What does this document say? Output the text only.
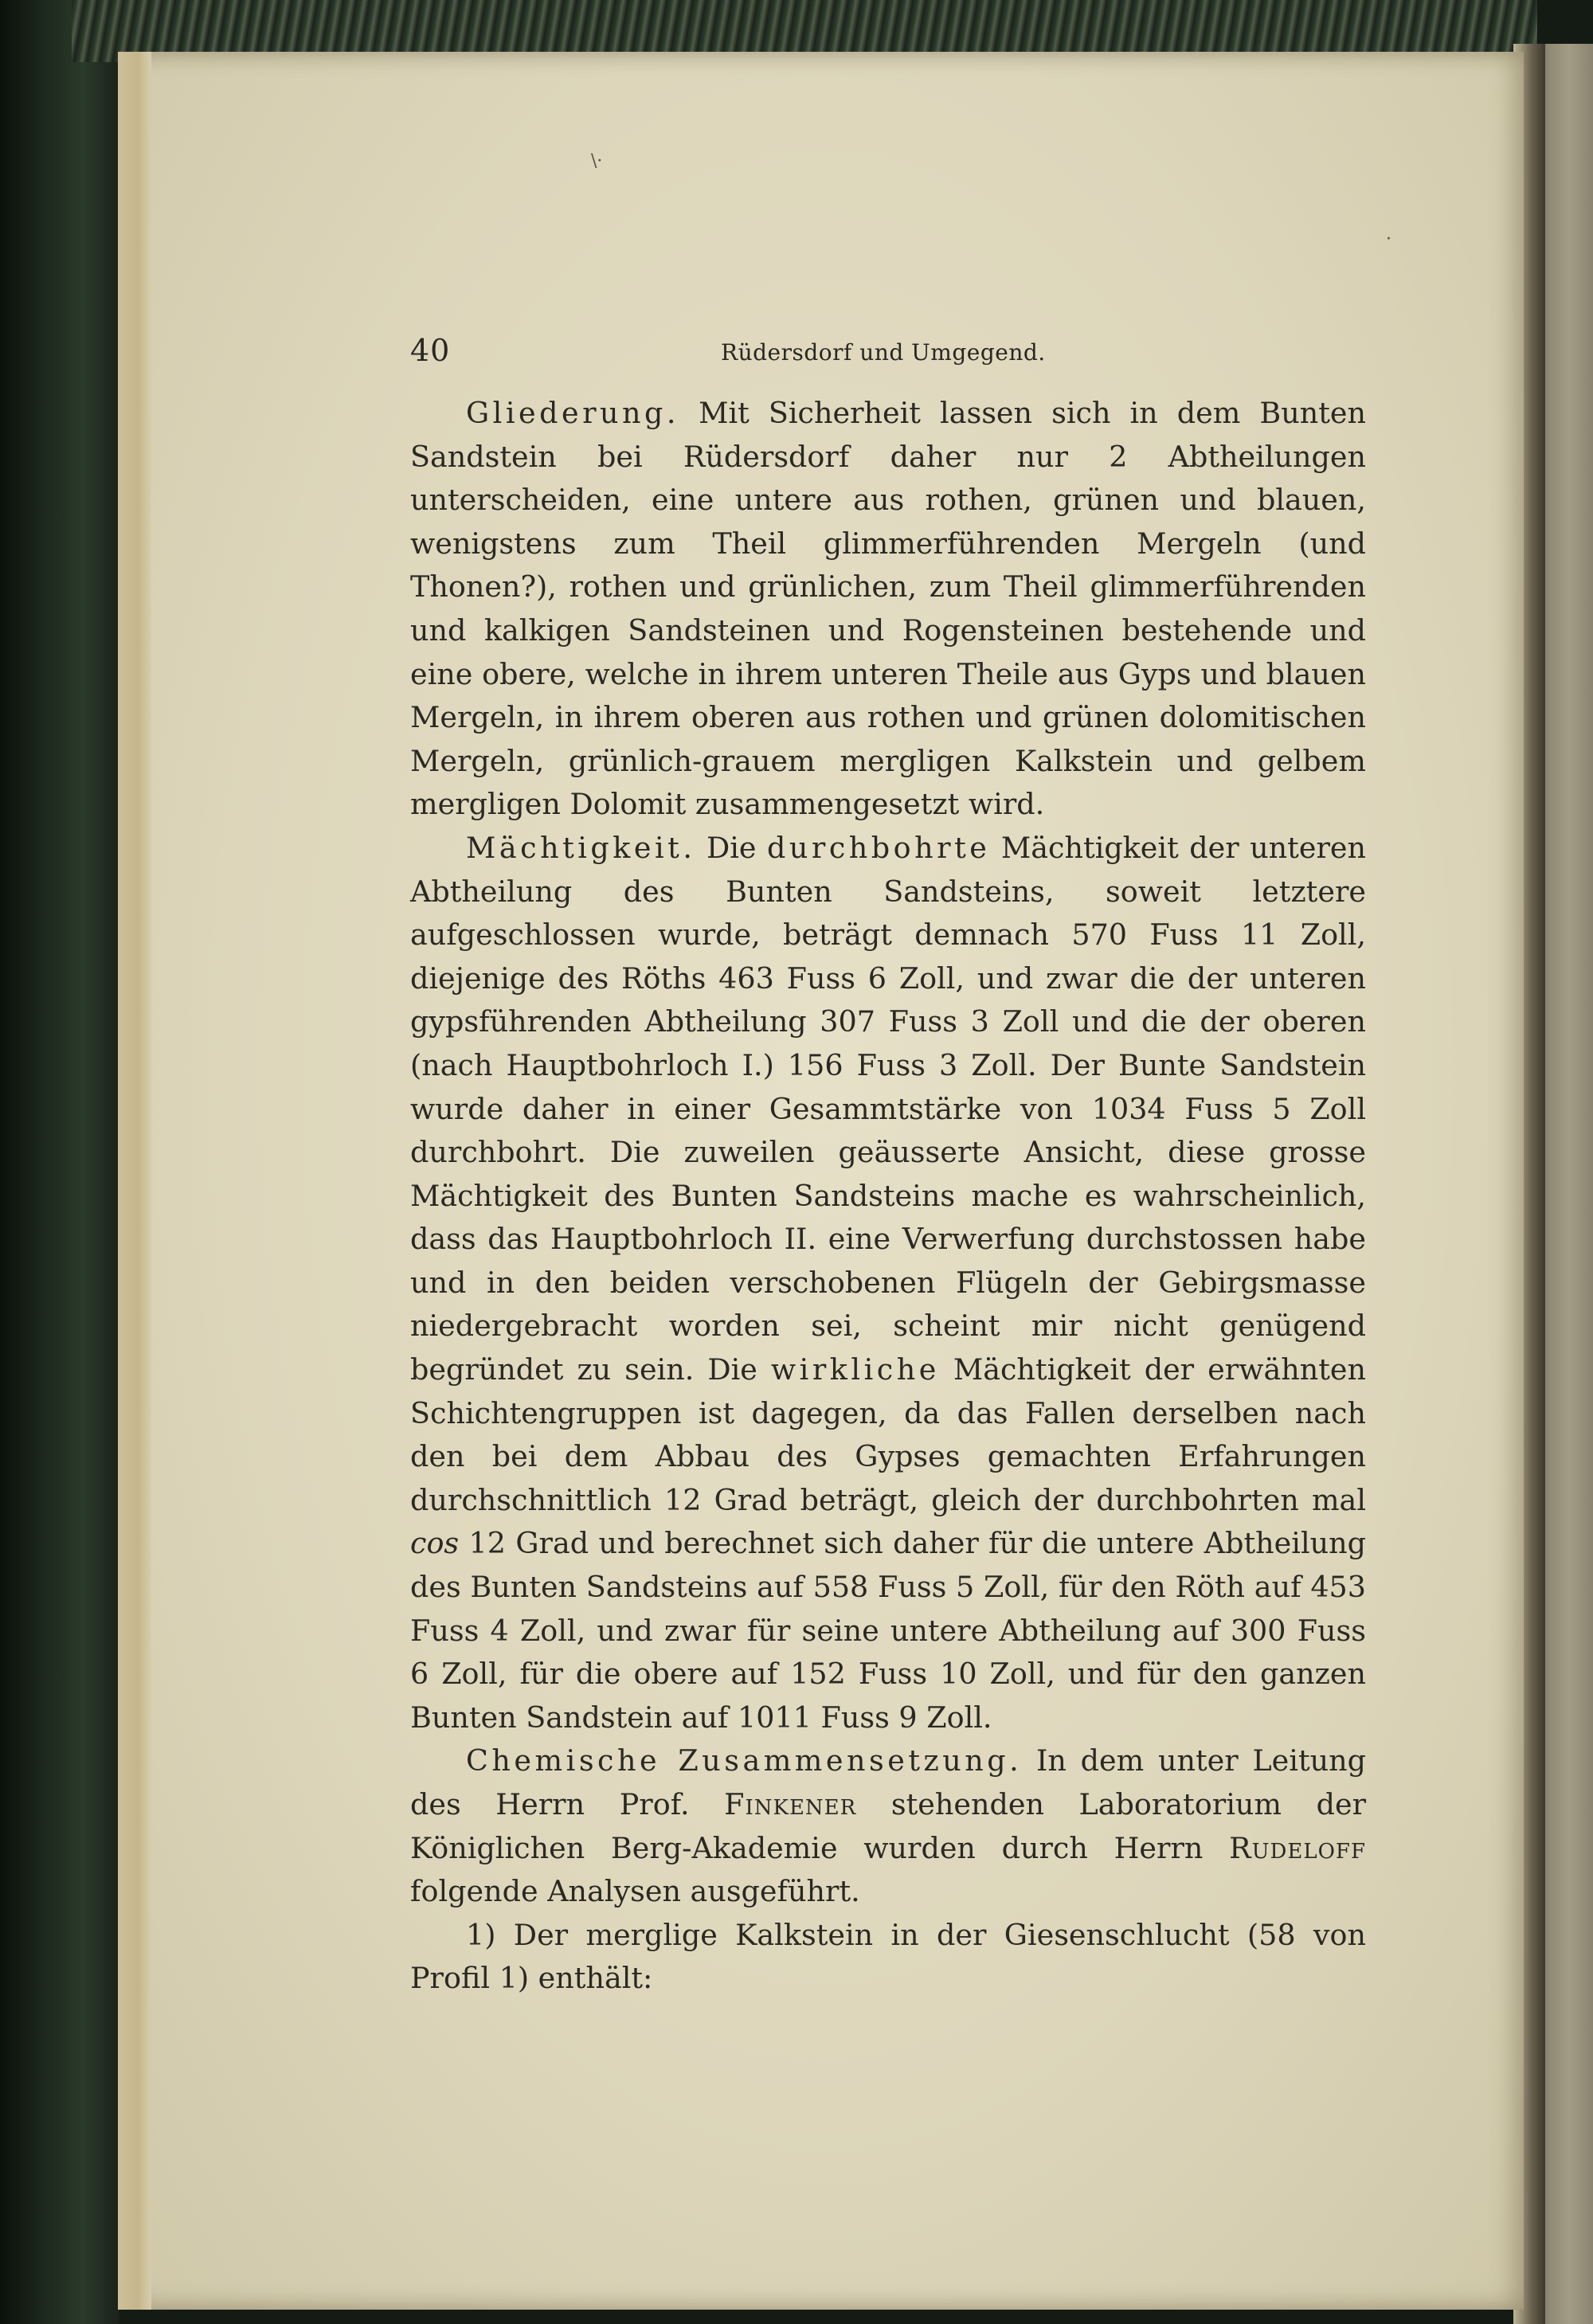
40	Rüdersdorf und Umgegend.

Gliederung. Mit Sicherheit lassen sich in dem Bunten Sandstein bei Rüdersdorf daher nur 2 Abtheilungen unterscheiden, eine untere aus rothen, grünen und blauen, wenigstens zum Theil glimmerführenden Mergeln (und Thonen?), rothen und grünlichen, zum Theil glimmerführenden und kalkigen Sandsteinen und Rogensteinen bestehende und eine obere, welche in ihrem unteren Theile aus Gyps und blauen Mergeln, in ihrem oberen aus rothen und grünen dolomitischen Mergeln, grünlich-grauem mergligen Kalkstein und gelbem mergligen Dolomit zusammengesetzt wird.

Mächtigkeit. Die durchbohrte Mächtigkeit der unteren Abtheilung des Bunten Sandsteins, soweit letztere aufgeschlossen wurde, beträgt demnach 570 Fuss 11 Zoll, diejenige des Röths 463 Fuss 6 Zoll, und zwar die der unteren gypsführenden Abtheilung 307 Fuss 3 Zoll und die der oberen (nach Hauptbohrloch I.) 156 Fuss 3 Zoll. Der Bunte Sandstein wurde daher in einer Gesammtstärke von 1034 Fuss 5 Zoll durchbohrt. Die zuweilen geäusserte Ansicht, diese grosse Mächtigkeit des Bunten Sandsteins mache es wahrscheinlich, dass das Hauptbohrloch II. eine Verwerfung durchstossen habe und in den beiden verschobenen Flügeln der Gebirgsmasse niedergebracht worden sei, scheint mir nicht genügend begründet zu sein. Die wirkliche Mächtigkeit der erwähnten Schichtengruppen ist dagegen, da das Fallen derselben nach den bei dem Abbau des Gypses gemachten Erfahrungen durchschnittlich 12 Grad beträgt, gleich der durchbohrten mal cos 12 Grad und berechnet sich daher für die untere Abtheilung des Bunten Sandsteins auf 558 Fuss 5 Zoll, für den Röth auf 453 Fuss 4 Zoll, und zwar für seine untere Abtheilung auf 300 Fuss 6 Zoll, für die obere auf 152 Fuss 10 Zoll, und für den ganzen Bunten Sandstein auf 1011 Fuss 9 Zoll.

Chemische Zusammensetzung. In dem unter Leitung des Herrn Prof. Finkener stehenden Laboratorium der Königlichen Berg-Akademie wurden durch Herrn Rudeloff folgende Analysen ausgeführt.

1) Der merglige Kalkstein in der Giesenschlucht (58 von Profil 1) enthält:

\·
·
